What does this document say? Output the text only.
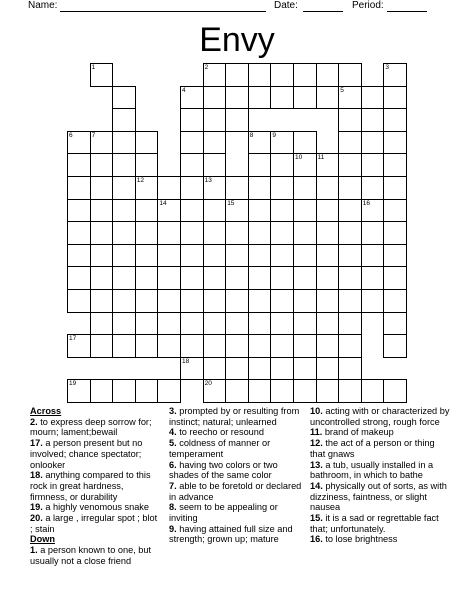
Name:	Date:	Period:
Envy
1	2	3
4	5
6	7	8	9
10 11
12	13
14	15	16
17
18
19	20
Across
2. to express deep sorrow for; mourn; lament;bewail
17. a person present but no involved; chance spectator; onlooker
18. anything compared to this rock in great hardness, firmness, or durability
19. a highly venomous snake
20. a large , irregular spot ; blot ; stain
Down
1. a person known to one, but usually not a close friend
3. prompted by or resulting from instinct; natural; unlearned
4. to reecho or resound
5. coldness of manner or temperament
6. having two colors or two shades of the same color
7. able to be foretold or declared in advance
8. seem to be appealing or inviting
9. having attained full size and strength; grown up; mature
10. acting with or characterized by uncontrolled strong, rough force
11. brand of makeup
12. the act of a person or thing that gnaws
13. a tub, usually installed in a bathroom, in which to bathe
14. physically out of sorts, as with dizziness, faintness, or slight nausea
15. it is a sad or regrettable fact that; unfortunately.
16. to lose brightness
